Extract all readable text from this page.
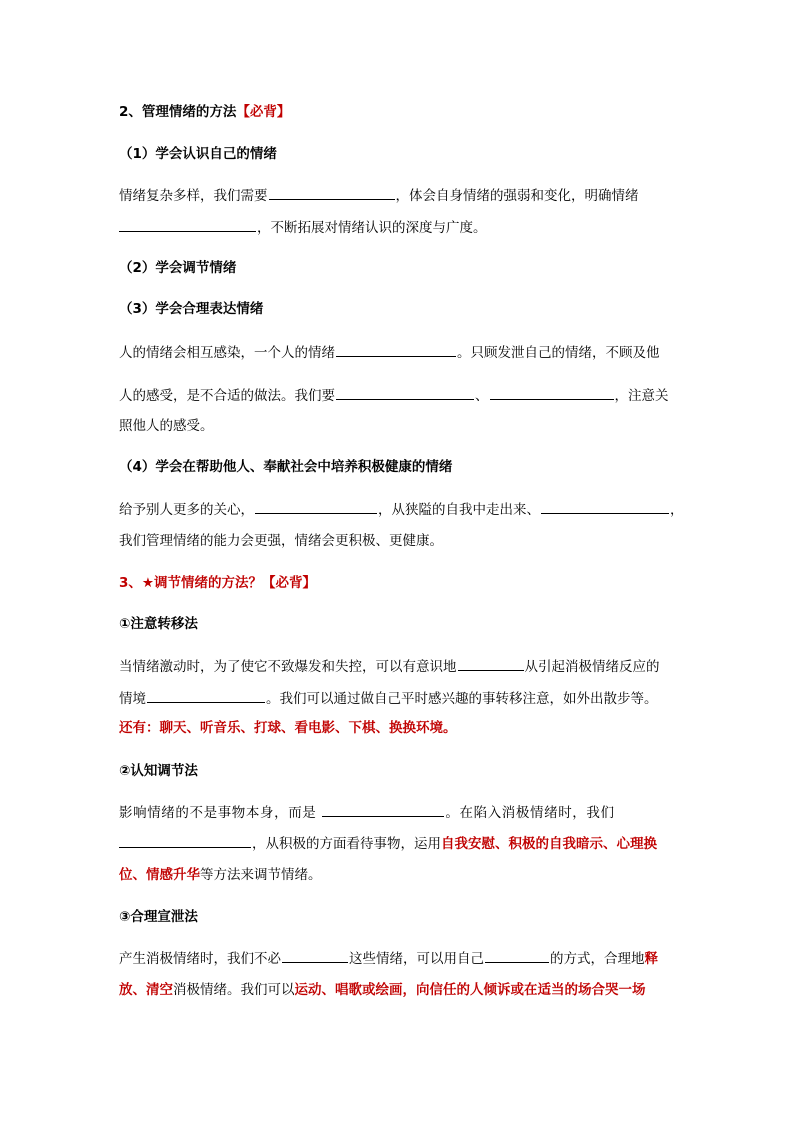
2、管理情绪的方法【必背】
（1）学会认识自己的情绪
情绪复杂多样，我们需要	，体会自身情绪的强弱和变化，明确情绪
，不断拓展对情绪认识的深度与广度。
（2）学会调节情绪
（3）学会合理表达情绪
人的情绪会相互感染，一个人的情绪	。只顾发泄自己的情绪，不顾及他
人的感受，是不合适的做法。我们要	、	，注意关
照他人的感受。
（4）学会在帮助他人、奉献社会中培养积极健康的情绪
给予别人更多的关心，	，从狭隘的自我中走出来、	，
我们管理情绪的能力会更强，情绪会更积极、更健康。
3、★调节情绪的方法？【必背】
①注意转移法
当情绪激动时，为了使它不致爆发和失控，可以有意识地	从引起消极情绪反应的
情境	。我们可以通过做自己平时感兴趣的事转移注意，如外出散步等。
还有：聊天、听音乐、打球、看电影、下棋、换换环境。
②认知调节法
影响情绪的不是事物本身，而是	。在陷入消极情绪时，我们
，从积极的方面看待事物，运用自我安慰、积极的自我暗示、心理换
位、情感升华等方法来调节情绪。
③合理宣泄法
产生消极情绪时，我们不必	这些情绪，可以用自己	的方式，合理地释
放、清空消极情绪。我们可以运动、唱歌或绘画，向信任的人倾诉或在适当的场合哭一场
